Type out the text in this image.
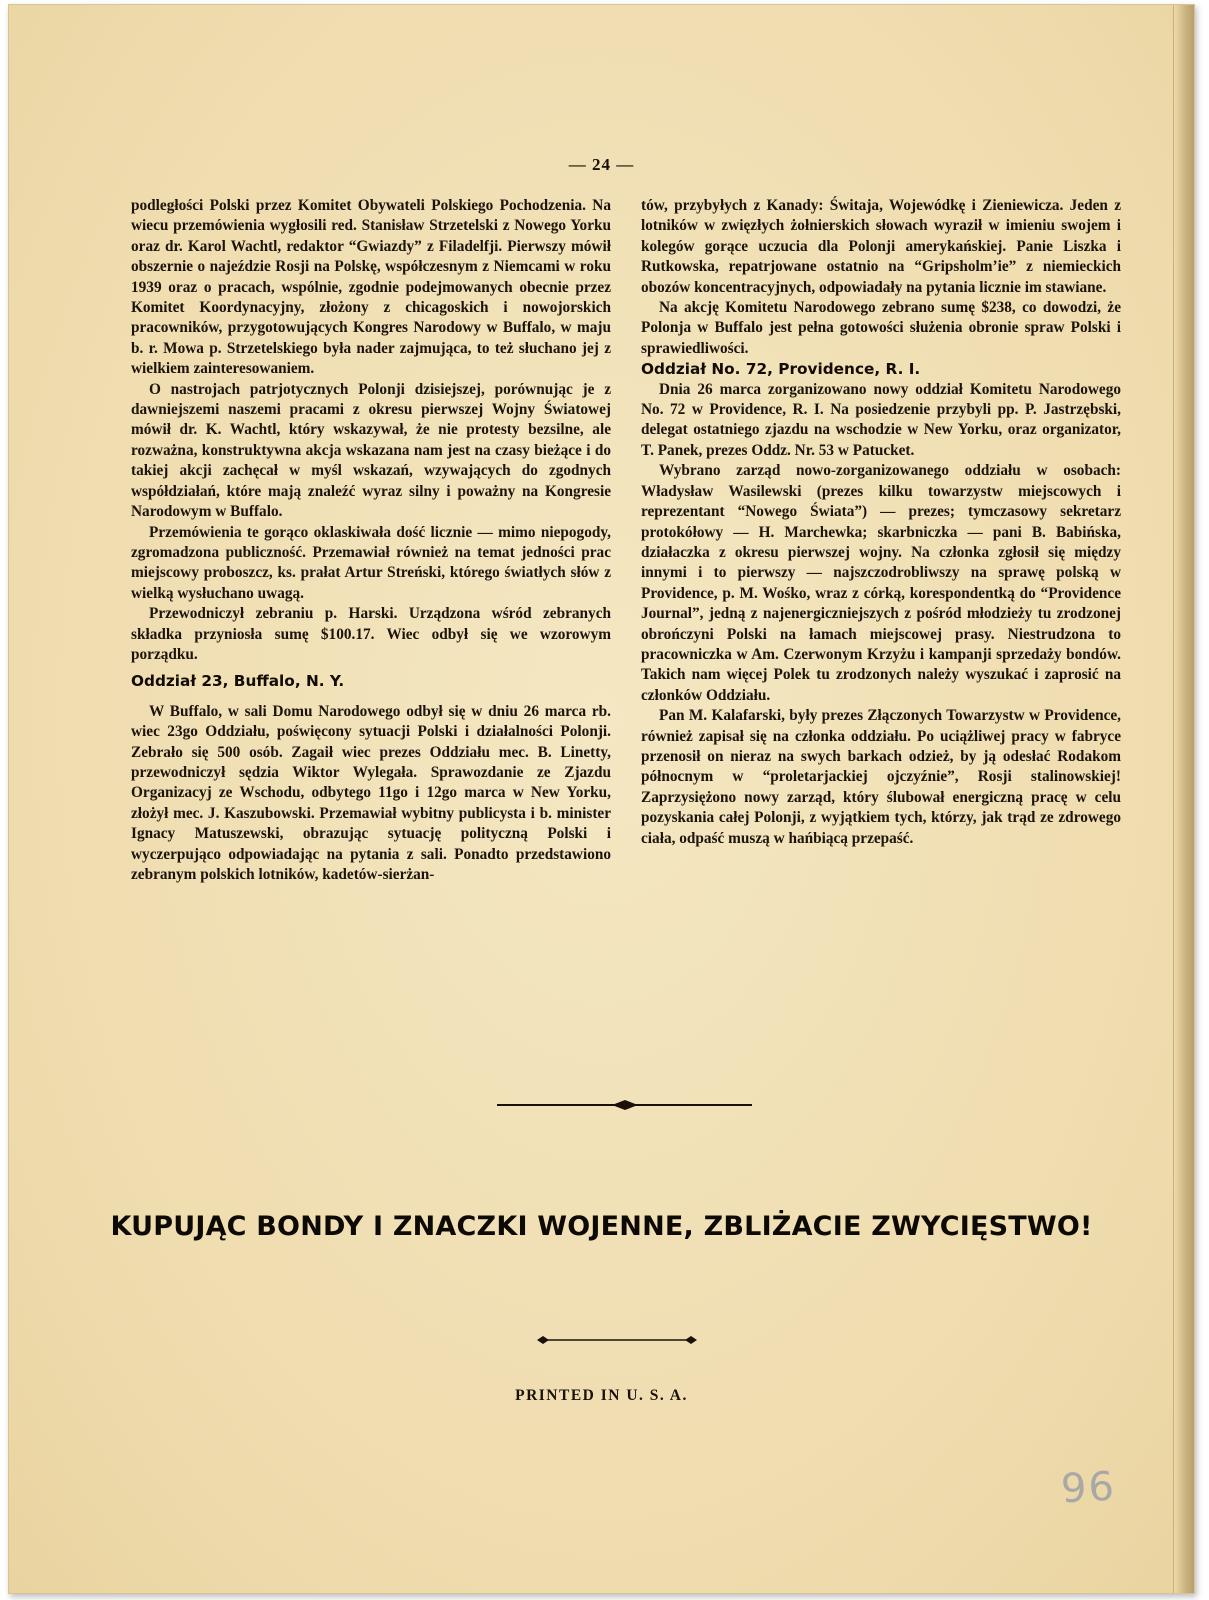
— 24 —

podległości Polski przez Komitet Obywateli Polskiego Pochodzenia. Na wiecu przemówienia wygłosili red. Stanisław Strzetelski z Nowego Yorku oraz dr. Karol Wachtl, redaktor “Gwiazdy” z Filadelfji. Pierwszy mówił obszernie o najeździe Rosji na Polskę, współczesnym z Niemcami w roku 1939 oraz o pracach, wspólnie, zgodnie podejmowanych obecnie przez Komitet Koordynacyjny, złożony z chicagoskich i nowojorskich pracowników, przygotowujących Kongres Narodowy w Buffalo, w maju b. r. Mowa p. Strzetelskiego była nader zajmująca, to też słuchano jej z wielkiem zainteresowaniem.

O nastrojach patrjotycznych Polonji dzisiejszej, porównując je z dawniejszemi naszemi pracami z okresu pierwszej Wojny Światowej mówił dr. K. Wachtl, który wskazywał, że nie protesty bezsilne, ale rozważna, konstruktywna akcja wskazana nam jest na czasy bieżące i do takiej akcji zachęcał w myśl wskazań, wzywających do zgodnych współdziałań, które mają znaleźć wyraz silny i poważny na Kongresie Narodowym w Buffalo.

Przemówienia te gorąco oklaskiwała dość licznie — mimo niepogody, zgromadzona publiczność. Przemawiał również na temat jedności prac miejscowy proboszcz, ks. prałat Artur Streński, którego światłych słów z wielką wysłuchano uwagą.

Przewodniczył zebraniu p. Harski. Urządzona wśród zebranych składka przyniosła sumę $100.17. Wiec odbył się we wzorowym porządku.

Oddział 23, Buffalo, N. Y.

W Buffalo, w sali Domu Narodowego odbył się w dniu 26 marca rb. wiec 23go Oddziału, poświęcony sytuacji Polski i działalności Polonji. Zebrało się 500 osób. Zagaił wiec prezes Oddziału mec. B. Linetty, przewodniczył sędzia Wiktor Wylegała. Sprawozdanie ze Zjazdu Organizacyj ze Wschodu, odbytego 11go i 12go marca w New Yorku, złożył mec. J. Kaszubowski. Przemawiał wybitny publicysta i b. minister Ignacy Matuszewski, obrazując sytuację polityczną Polski i wyczerpująco odpowiadając na pytania z sali. Ponadto przedstawiono zebranym polskich lotników, kadetów-sierżan-

tów, przybyłych z Kanady: Świtaja, Wojewódkę i Zieniewicza. Jeden z lotników w zwięzłych żołnierskich słowach wyraził w imieniu swojem i kolegów gorące uczucia dla Polonji amerykańskiej. Panie Liszka i Rutkowska, repatrjowane ostatnio na “Gripsholm’ie” z niemieckich obozów koncentracyjnych, odpowiadały na pytania licznie im stawiane.

Na akcję Komitetu Narodowego zebrano sumę $238, co dowodzi, że Polonja w Buffalo jest pełna gotowości służenia obronie spraw Polski i sprawiedliwości.

Oddział No. 72, Providence, R. I.

Dnia 26 marca zorganizowano nowy oddział Komitetu Narodowego No. 72 w Providence, R. I. Na posiedzenie przybyli pp. P. Jastrzębski, delegat ostatniego zjazdu na wschodzie w New Yorku, oraz organizator, T. Panek, prezes Oddz. Nr. 53 w Patucket.

Wybrano zarząd nowo-zorganizowanego oddziału w osobach: Władysław Wasilewski (prezes kilku towarzystw miejscowych i reprezentant “Nowego Świata”) — prezes; tymczasowy sekretarz protokółowy — H. Marchewka; skarbniczka — pani B. Babińska, działaczka z okresu pierwszej wojny. Na członka zgłosił się między innymi i to pierwszy — najszczodrobliwszy na sprawę polską w Providence, p. M. Wośko, wraz z córką, korespondentką do “Providence Journal”, jedną z najenergiczniejszych z pośród młodzieży tu zrodzonej obrończyni Polski na łamach miejscowej prasy. Niestrudzona to pracowniczka w Am. Czerwonym Krzyżu i kampanji sprzedaży bondów. Takich nam więcej Polek tu zrodzonych należy wyszukać i zaprosić na członków Oddziału.

Pan M. Kalafarski, były prezes Złączonych Towarzystw w Providence, również zapisał się na członka oddziału. Po uciążliwej pracy w fabryce przenosił on nieraz na swych barkach odzież, by ją odesłać Rodakom północnym w “proletarjackiej ojczyźnie”, Rosji stalinowskiej! Zaprzysiężono nowy zarząd, który ślubował energiczną pracę w celu pozyskania całej Polonji, z wyjątkiem tych, którzy, jak trąd ze zdrowego ciała, odpaść muszą w hańbiącą przepaść.

KUPUJĄC BONDY I ZNACZKI WOJENNE, ZBLIŻACIE ZWYCIĘSTWO!
PRINTED IN U. S. A.
96
